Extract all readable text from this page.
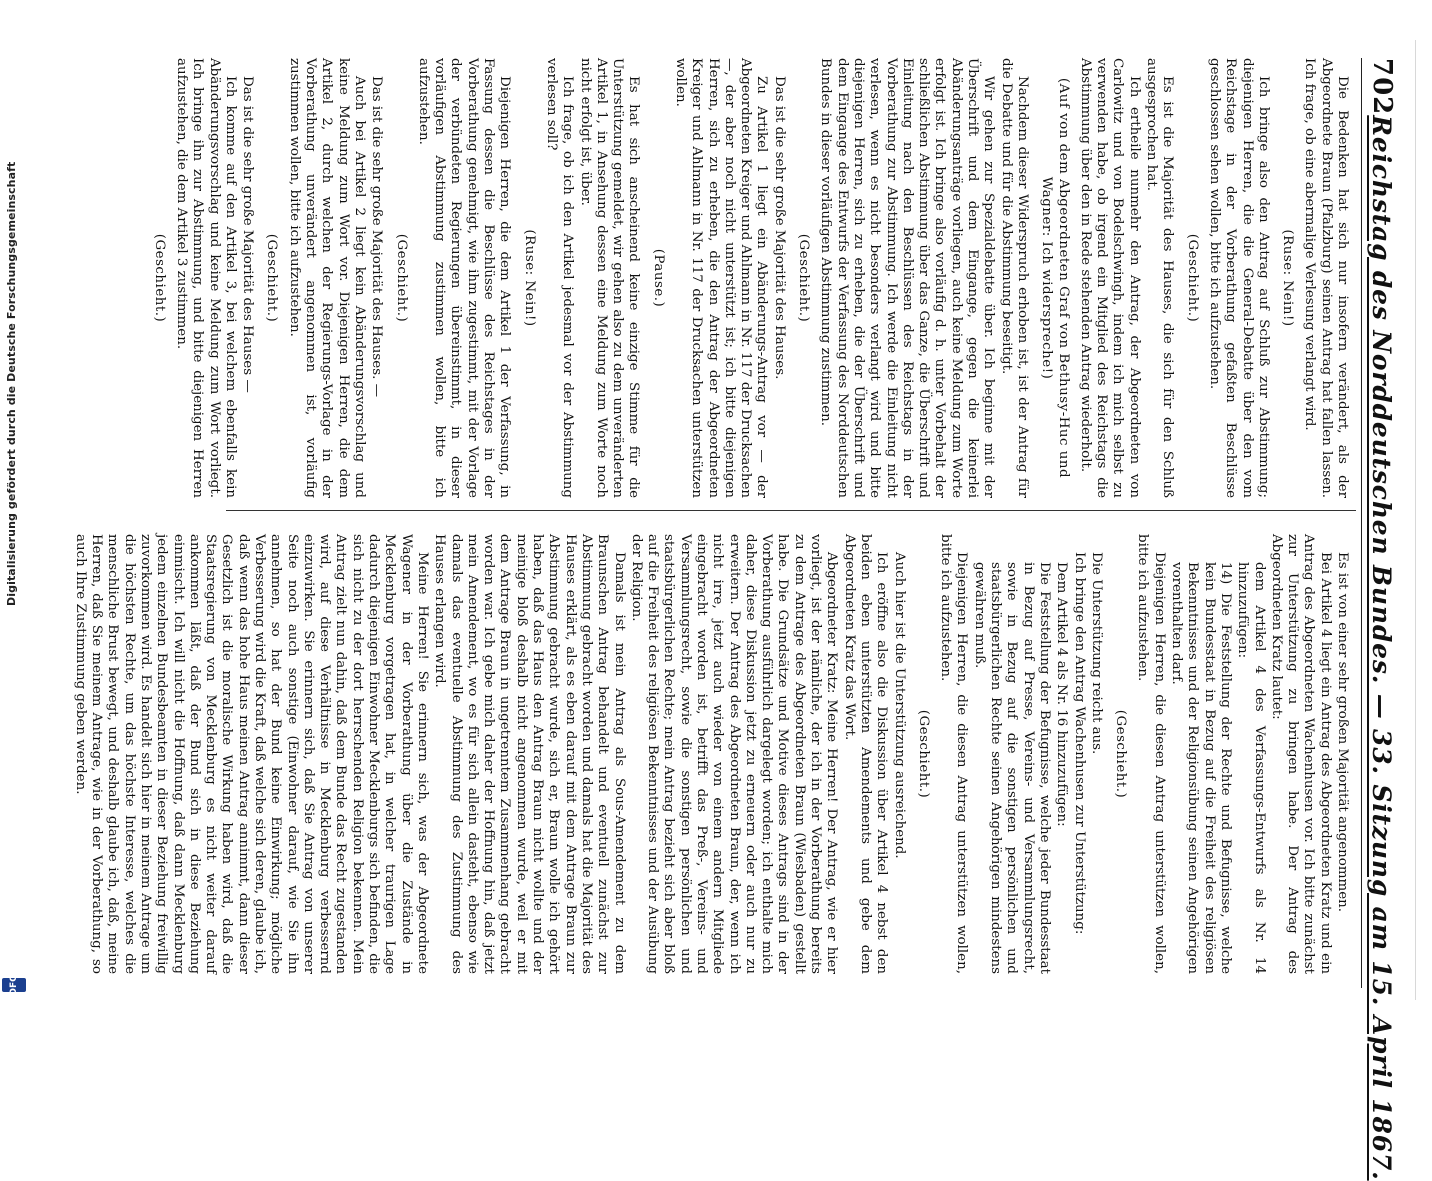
702
Reichstag des Norddeutschen Bundes. — 33. Sitzung am 15. April 1867.

Die Bedenken hat sich nur insofern verändert, als der Abgeordnete Braun (Pfalzburg) seinen Antrag hat fallen lassen. Ich frage, ob eine abermalige Verlesung verlangt wird.

(Ruse: Nein!)

Ich bringe also den Antrag auf Schluß zur Abstimmung; diejenigen Herren, die die General-Debatte über den vom Reichstage in der Vorberathung gefaßten Beschlüsse geschlossen sehen wollen, bitte ich aufzustehen.

(Geschieht.)

Es ist die Majorität des Hauses, die sich für den Schluß ausgesprochen hat.

Ich ertheile nunmehr den Antrag, der Abgeordneten von Carlowitz und von Bodelschwingh, indem ich mich selbst zu verwenden habe, ob irgend ein Mitglied des Reichstags die Abstimmung über den in Rede stehenden Antrag wiederholt.

(Auf von dem Abgeordneten Graf von Bethusy-Huc und Wagner: Ich widerspreche!)

Nachdem dieser Widerspruch erhoben ist, ist der Antrag für die Debatte und für die Abstimmung beseitigt.

Wir gehen zur Spezialdebatte über. Ich beginne mit der Überschrift und dem Eingange, gegen die keinerlei Abänderungsanträge vorliegen, auch keine Meldung zum Worte erfolgt ist. Ich bringe also vorläufig d. h. unter Vorbehalt der schließlichen Abstimmung über das Ganze, die Überschrift und Einleitung nach den Beschlüssen des Reichstags in der Vorberathung zur Abstimmung. Ich werde die Einleitung nicht verlesen, wenn es nicht besonders verlangt wird und bitte diejenigen Herren, sich zu erheben, die der Überschrift und dem Eingange des Entwurfs der Verfassung des Norddeutschen Bundes in dieser vorläufigen Abstimmung zustimmen.

(Geschieht.)

Das ist die sehr große Majorität des Hauses.

Zu Artikel 1 liegt ein Abänderungs-Antrag vor — der Abgeordneten Kreiger und Ahlmann in Nr. 117 der Drucksachen —, der aber noch nicht unterstützt ist; ich bitte diejenigen Herren, sich zu erheben, die den Antrag der Abgeordneten Kreiger und Ahlmann in Nr. 117 der Drucksachen unterstützen wollen.

(Pause.)

Es hat sich anscheinend keine einzige Stimme für die Unterstützung gemeldet, wir gehen also zu dem unveränderten Artikel 1, in Ansehung dessen eine Meldung zum Worte noch nicht erfolgt ist, über.

Ich frage, ob ich den Artikel jedesmal vor der Abstimmung verlesen soll?

(Ruse: Nein!)

Diejenigen Herren, die dem Artikel 1 der Verfassung, in Fassung dessen die Beschlüsse des Reichstages in der Vorberathung genehmigt, wie ihm zugestimmt, mit der Vorlage der verbündeten Regierungen übereinstimmt, in dieser vorläufigen Abstimmung zustimmen wollen, bitte ich aufzustehen.

(Geschieht.)

Das ist die sehr große Majorität des Hauses. —

Auch bei Artikel 2 liegt kein Abänderungsvorschlag und keine Meldung zum Wort vor. Diejenigen Herren, die dem Artikel 2, durch welchen der Regierungs-Vorlage in der Vorberathung unverändert angenommen ist, vorläufig zustimmen wollen, bitte ich aufzustehen.

(Geschieht.)

Das ist die sehr große Majorität des Hauses —

Ich komme auf den Artikel 3, bei welchem ebenfalls kein Abänderungsvorschlag und keine Meldung zum Wort vorliegt. Ich bringe ihn zur Abstimmung, und bitte diejenigen Herren aufzustehen, die dem Artikel 3 zustimmen.

(Geschieht.)

Es ist von einer sehr großen Majorität angenommen.

Bei Artikel 4 liegt ein Antrag des Abgeordneten Kratz und ein Antrag des Abgeordneten Wachenhusen vor. Ich bitte zunächst zur Unterstützung zu bringen habe. Der Antrag des Abgeordneten Kratz lautet:

dem Artikel 4 des Verfassungs-Entwurfs als Nr. 14 hinzuzufügen:

14) Die Feststellung der Rechte und Befugnisse, welche kein Bundesstaat in Bezug auf die Freiheit des religiösen Bekenntnisses und der Religionsübung seinen Angehörigen vorenthalten darf.

Diejenigen Herren, die diesen Antrag unterstützen wollen, bitte ich aufzustehen.

(Geschieht.)

Die Unterstützung reicht aus.

Ich bringe den Antrag Wachenhusen zur Unterstützung:

Dem Artikel 4 als Nr. 16 hinzuzufügen:

Die Feststellung der Befugnisse, welche jeder Bundesstaat in Bezug auf Presse, Vereins- und Versammlungsrecht, sowie in Bezug auf die sonstigen persönlichen und staatsbürgerlichen Rechte seinen Angehörigen mindestens gewähren muß.

Diejenigen Herren, die diesen Antrag unterstützen wollen, bitte ich aufzustehen.

(Geschieht.)

Auch hier ist die Unterstützung ausreichend.

Ich eröffne also die Diskussion über Artikel 4 nebst den beiden eben unterstützten Amendements und gebe dem Abgeordneten Kratz das Wort.

Abgeordneter Kratz: Meine Herren! Der Antrag, wie er hier vorliegt, ist der nämliche, der ich in der Vorberathung bereits zu dem Antrage des Abgeordneten Braun (Wiesbaden) gestellt habe. Die Grundsätze und Motive dieses Antrags sind in der Vorberathung ausführlich dargelegt worden; ich enthalte mich daher, diese Diskussion jetzt zu erneuern oder auch nur zu erweitern. Der Antrag des Abgeordneten Braun, der, wenn ich nicht irre, jetzt auch wieder von einem andern Mitgliede eingebracht worden ist, betrifft das Preß-, Vereins- und Versammlungsrecht, sowie die sonstigen persönlichen und staatsbürgerlichen Rechte; mein Antrag bezieht sich aber bloß auf die Freiheit des religiösen Bekenntnisses und der Ausübung der Religion.

Damals ist mein Antrag als Sous-Amendement zu dem Braunschen Antrag behandelt und eventuell zunächst zur Abstimmung gebracht worden und damals hat die Majorität des Hauses erklärt, als es eben darauf mit dem Antrage Braun zur Abstimmung gebracht wurde, sich er, Braun wolle ich gehört haben, daß das Haus den Antrag Braun nicht wollte und der meinige bloß deshalb nicht angenommen wurde, weil er mit dem Antrage Braun in ungetrenntem Zusammenhang gebracht worden war. Ich gebe mich daher der Hoffnung hin, daß jetzt mein Amendement, wo es für sich allein dasteht, ebenso wie damals das eventuelle Abstimmung des Zustimmung des Hauses erlangen wird.

Meine Herren! Sie erinnern sich, was der Abgeordnete Wagener in der Vorberathung über die Zustände in Mecklenburg vorgetragen hat, in welcher traurigen Lage dadurch diejenigen Einwohner Mecklenburgs sich befinden, die sich nicht zu der dort herrschenden Religion bekennen. Mein Antrag zielt nun dahin, daß dem Bunde das Recht zugestanden wird, auf diese Verhältnisse in Mecklenburg verbessernd einzuwirken. Sie erinnern sich, daß Sie Antrag von unserer Seite noch auch sonstige (Einwohner darauf, wie Sie ihn annehmen, so hat der Bund keine Einwirkung; mögliche Verbesserung wird die Kraft, daß welche sich deren, glaube ich, daß wenn das hohe Haus meinen Antrag annimmt, dann dieser Gesetzlich ist die moralische Wirkung haben wird, daß die Staatsregierung von Mecklenburg es nicht weiter darauf ankommen läßt, daß der Bund sich in diese Beziehung einmischt. Ich will nicht die Hoffnung, daß dann Mecklenburg jedem einzelnen Bundesbeamten in dieser Beziehung freiwillig zuvorkommen wird. Es handelt sich hier in meinem Antrage um die höchsten Rechte, um das höchste Interesse, welches die menschliche Brust bewegt, und deshalb glaube ich, daß, meine Herren, daß Sie meinem Antrage, wie in der Vorberathung, so auch Ihre Zustimmung geben werden.

Digitalisierung gefördert durch die Deutsche Forschungsgemeinschaft
DFG
